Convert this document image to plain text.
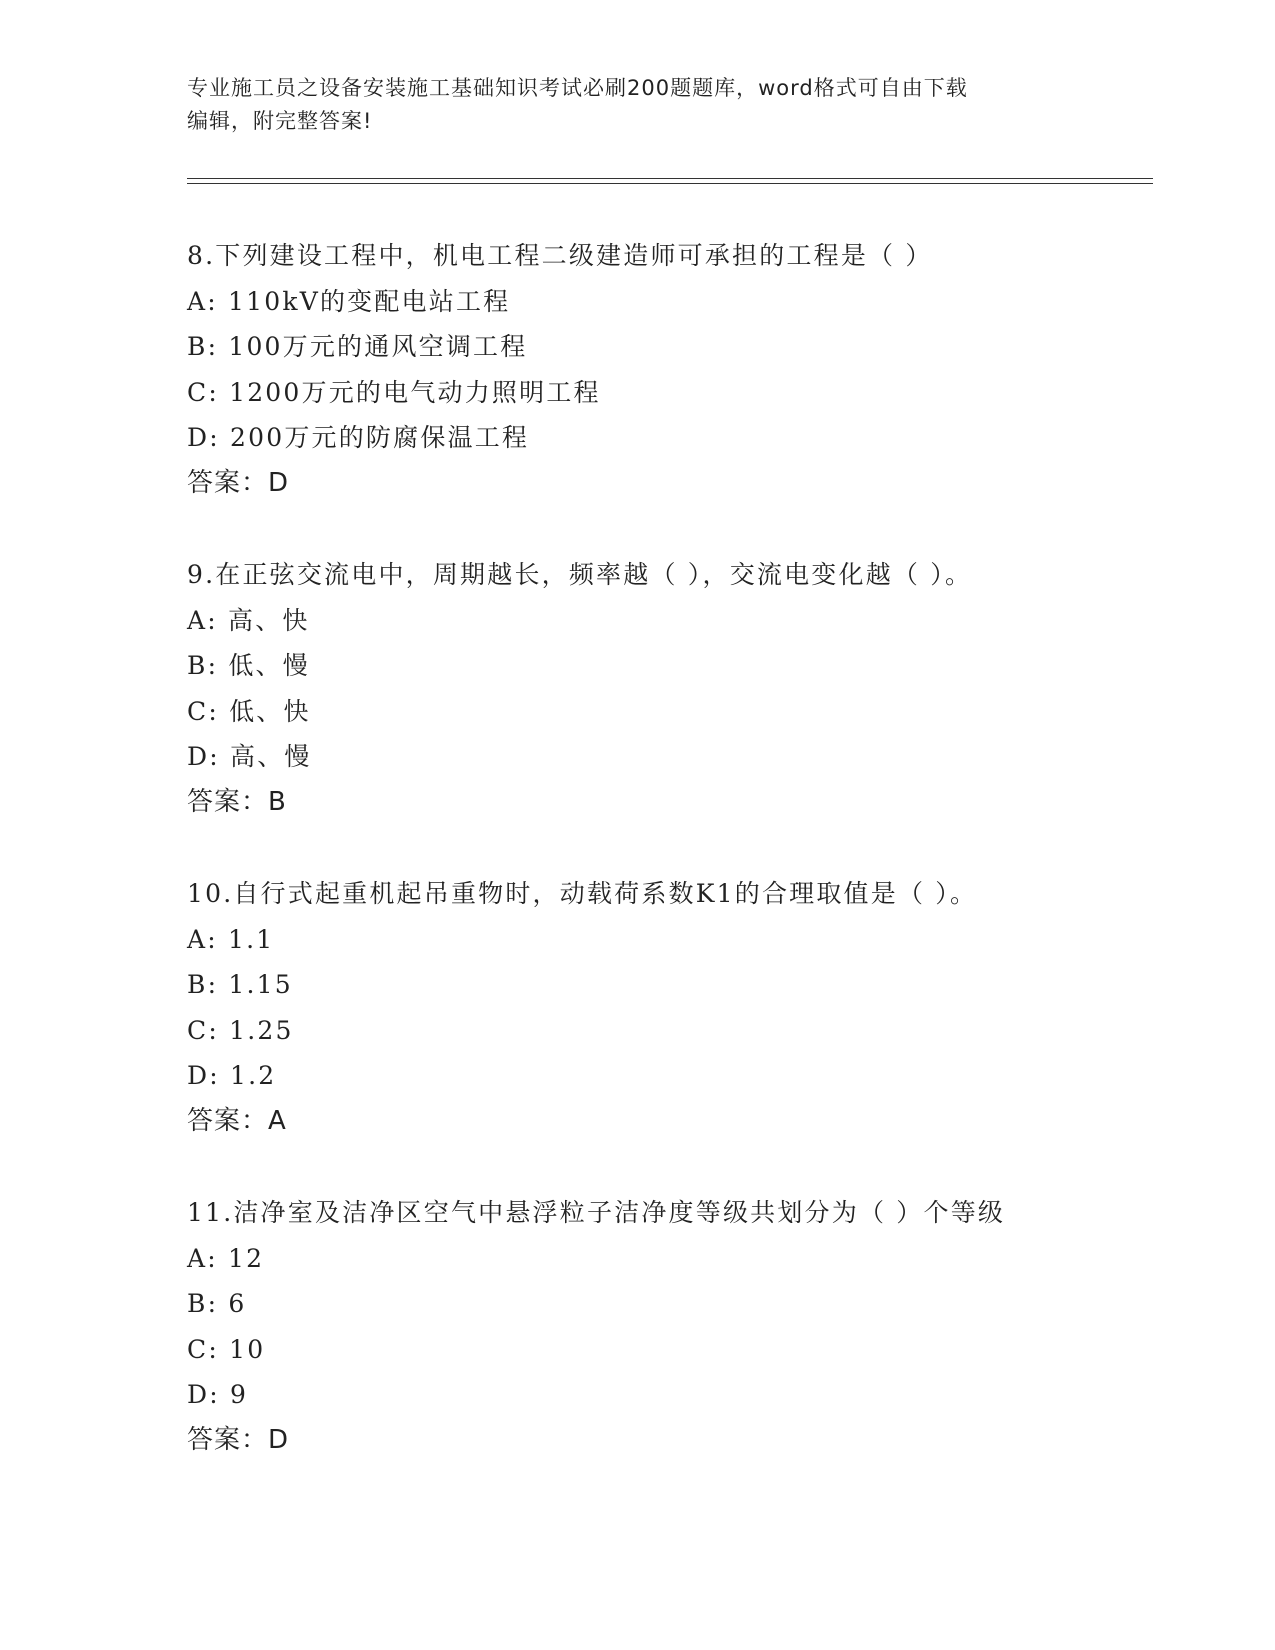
专业施工员之设备安装施工基础知识考试必刷200题题库，word格式可自由下载
编辑，附完整答案!
8.下列建设工程中，机电工程二级建造师可承担的工程是（ ）
A: 110kV的变配电站工程
B: 100万元的通风空调工程
C: 1200万元的电气动力照明工程
D: 200万元的防腐保温工程
答案：D
9.在正弦交流电中，周期越长，频率越（ ），交流电变化越（ ）。
A: 高、快
B: 低、慢
C: 低、快
D: 高、慢
答案：B
10.自行式起重机起吊重物时，动载荷系数K1的合理取值是（ ）。
A: 1.1
B: 1.15
C: 1.25
D: 1.2
答案：A
11.洁净室及洁净区空气中悬浮粒子洁净度等级共划分为（ ）个等级
A: 12
B: 6
C: 10
D: 9
答案：D
